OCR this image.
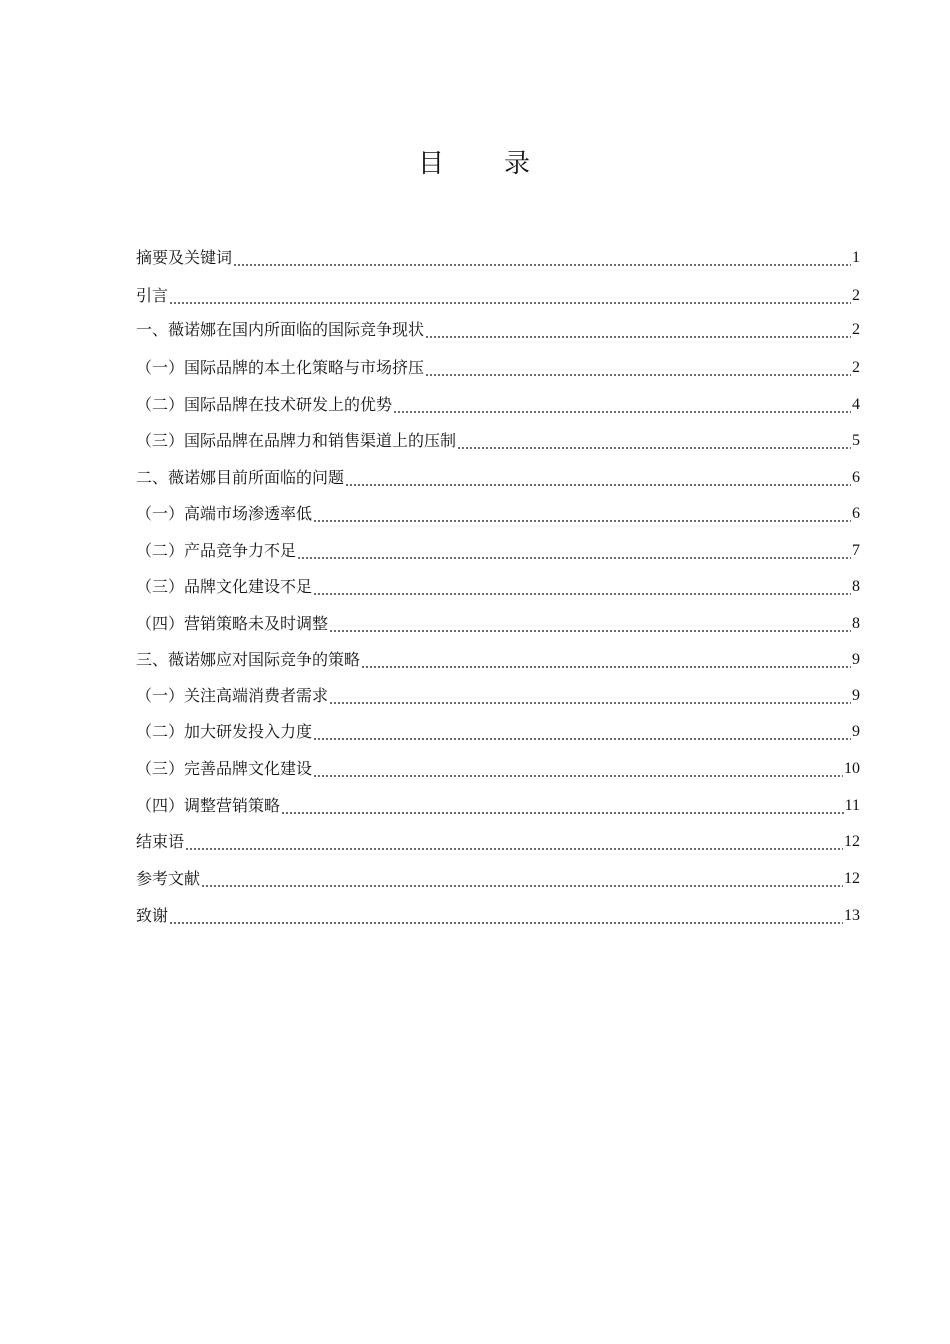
目 录
摘要及关键词	1
引言	2
一、薇诺娜在国内所面临的国际竞争现状	2
（一）国际品牌的本土化策略与市场挤压	2
（二）国际品牌在技术研发上的优势	4
（三）国际品牌在品牌力和销售渠道上的压制	5
二、薇诺娜目前所面临的问题	6
（一）高端市场渗透率低	6
（二）产品竞争力不足	7
（三）品牌文化建设不足	8
（四）营销策略未及时调整	8
三、薇诺娜应对国际竞争的策略	9
（一）关注高端消费者需求	9
（二）加大研发投入力度	9
（三）完善品牌文化建设	10
（四）调整营销策略	11
结束语	12
参考文献	12
致谢	13
